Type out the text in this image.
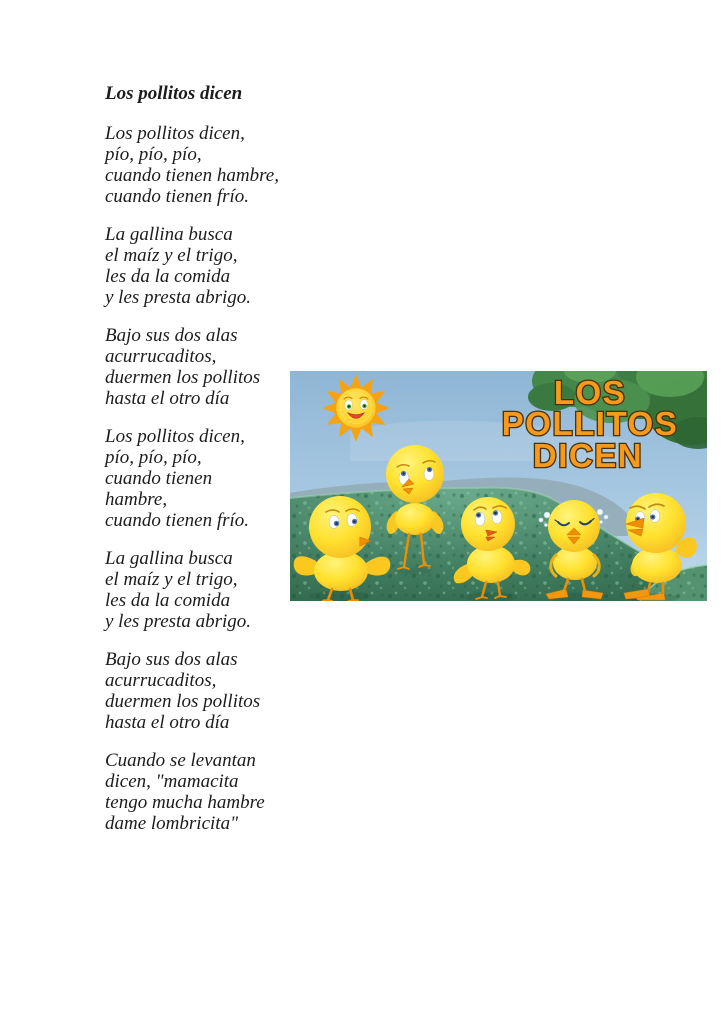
Los pollitos dicen
Los pollitos dicen,
pío, pío, pío,
cuando tienen hambre,
cuando tienen frío.
La gallina busca
el maíz y el trigo,
les da la comida
y les presta abrigo.
Bajo sus dos alas
acurrucaditos,
duermen los pollitos
hasta el otro día
Los pollitos dicen,
pío, pío, pío,
cuando tienen
hambre,
cuando tienen frío.
La gallina busca
el maíz y el trigo,
les da la comida
y les presta abrigo.
Bajo sus dos alas
acurrucaditos,
duermen los pollitos
hasta el otro día
Cuando se levantan
dicen, "mamacita
tengo mucha hambre
dame lombricita"
LOS
POLLITOS
DICEN
